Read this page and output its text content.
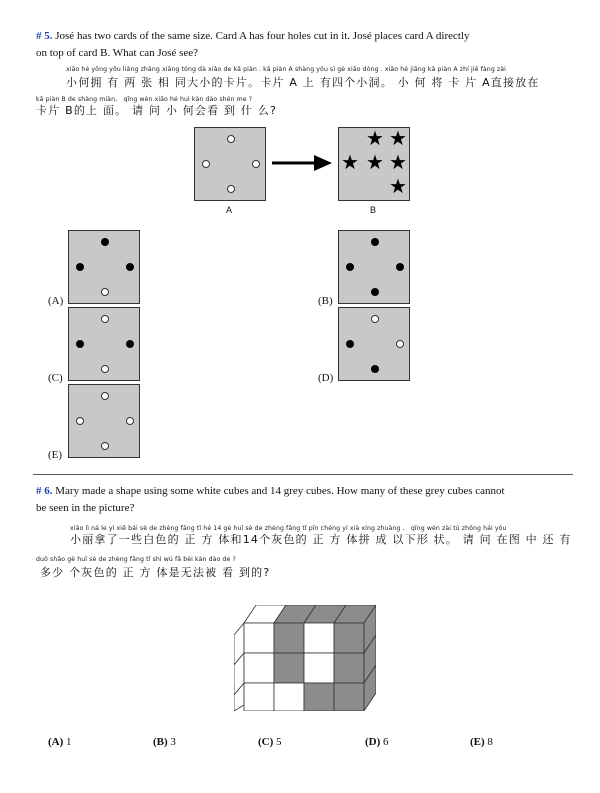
# 5. José has two cards of the same size. Card A has four holes cut in it. José places card A directly
on top of card B. What can José see?
xiǎo hé yōng yǒu liǎng zhāng xiāng tóng dà xiǎo de kǎ piàn . kǎ piàn A shàng yǒu sì gè xiǎo dòng . xiǎo hé jiāng kǎ piàn A zhí jiē fàng zài
小何拥 有 两 张 相 同大小的卡片。卡片 A 上 有四个小洞。 小 何 将 卡 片 A直接放在
kǎ piàn B de shàng miàn。 qǐng wèn xiǎo hé huì kàn dào shén me ?
卡片 B的上 面。 请 问 小 何会看 到 什 么?
A
★ ★
★ ★ ★
★
B
(A)	(B)
(C)	(D)
(E)
# 6. Mary made a shape using some white cubes and 14 grey cubes. How many of these grey cubes cannot
be seen in the picture?
xiǎo lì ná le yì xiē bái sè de zhèng fāng tǐ hé 14 gè huī sè de zhèng fāng tǐ pīn chéng yí xià xíng zhuàng 。 qǐng wèn zài tú zhōng hái yǒu
小丽拿了一些白色的 正 方 体和14个灰色的 正 方 体拼 成 以下形 状。 请 问 在图 中 还 有
duō shǎo gè huī sè de zhèng fāng tǐ shì wú fǎ bèi kàn dào de ?
多少 个灰色的 正 方 体是无法被 看 到的?
(A) 1	(B) 3	(C) 5	(D) 6	(E) 8
